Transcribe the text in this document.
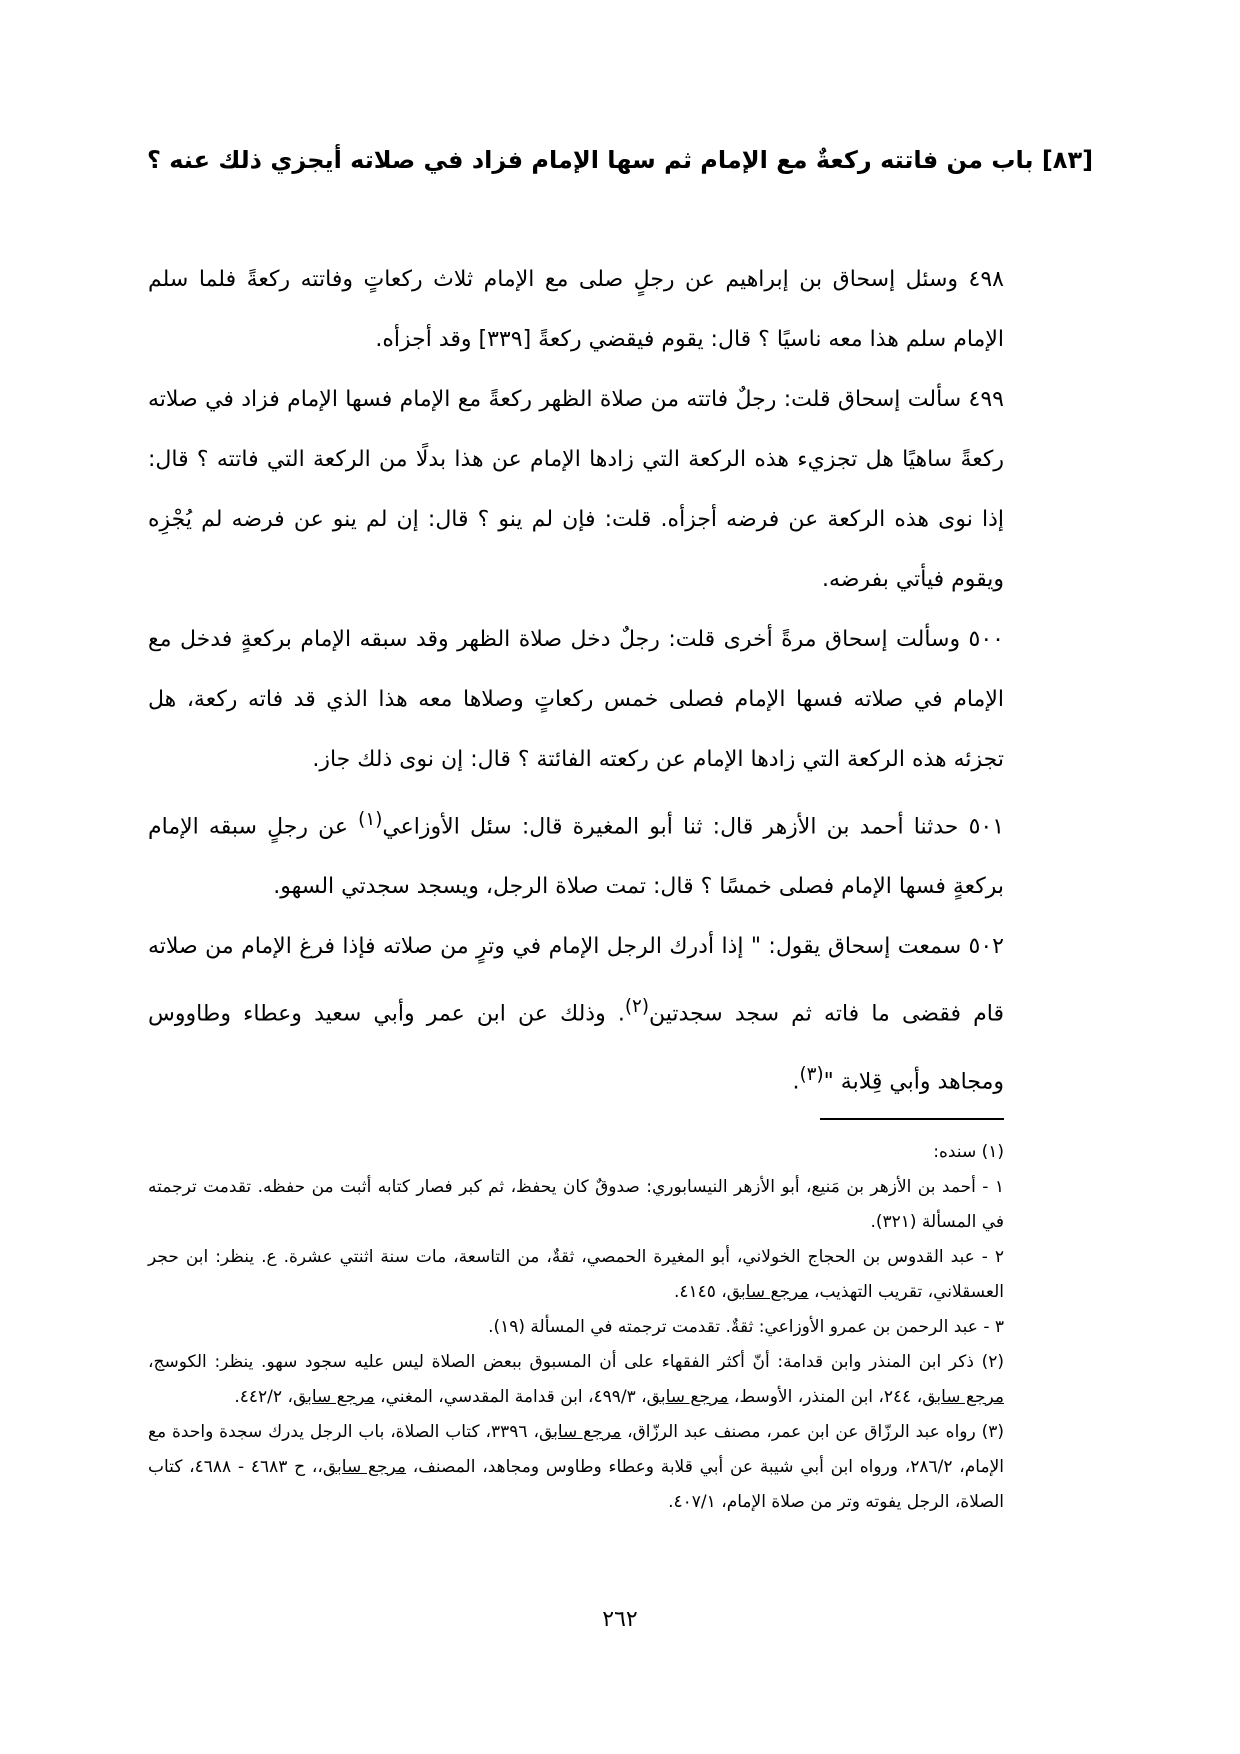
[٨٣] باب من فاتته ركعةٌ مع الإمام ثم سها الإمام فزاد في صلاته أيجزي ذلك عنه ؟

٤٩٨ وسئل إسحاق بن إبراهيم عن رجلٍ صلى مع الإمام ثلاث ركعاتٍ وفاتته ركعةً فلما سلم الإمام سلم هذا معه ناسيًا ؟ قال: يقوم فيقضي ركعةً [٣٣٩] وقد أجزأه.

٤٩٩ سألت إسحاق قلت: رجلٌ فاتته من صلاة الظهر ركعةً مع الإمام فسها الإمام فزاد في صلاته ركعةً ساهيًا هل تجزيء هذه الركعة التي زادها الإمام عن هذا بدلًا من الركعة التي فاتته ؟ قال: إذا نوى هذه الركعة عن فرضه أجزأه. قلت: فإن لم ينو ؟ قال: إن لم ينو عن فرضه لم يُجْزِه ويقوم فيأتي بفرضه.

٥٠٠ وسألت إسحاق مرةً أخرى قلت: رجلٌ دخل صلاة الظهر وقد سبقه الإمام بركعةٍ فدخل مع الإمام في صلاته فسها الإمام فصلى خمس ركعاتٍ وصلاها معه هذا الذي قد فاته ركعة، هل تجزئه هذه الركعة التي زادها الإمام عن ركعته الفائتة ؟ قال: إن نوى ذلك جاز.

٥٠١ حدثنا أحمد بن الأزهر قال: ثنا أبو المغيرة قال: سئل الأوزاعي$^{(١)}$ عن رجلٍ سبقه الإمام بركعةٍ فسها الإمام فصلى خمسًا ؟ قال: تمت صلاة الرجل، ويسجد سجدتي السهو.

٥٠٢ سمعت إسحاق يقول: " إذا أدرك الرجل الإمام في وترٍ من صلاته فإذا فرغ الإمام من صلاته قام فقضى ما فاته ثم سجد سجدتين$^{(٢)}$. وذلك عن ابن عمر وأبي سعيد وعطاء وطاووس ومجاهد وأبي قِلابة "$^{(٣)}$.

(١) سنده:

١ - أحمد بن الأزهر بن مَنيع، أبو الأزهر النيسابوري: صدوقٌ كان يحفظ، ثم كبر فصار كتابه أثبت من حفظه. تقدمت ترجمته في المسألة (٣٢١).

٢ - عبد القدوس بن الحجاج الخولاني، أبو المغيرة الحمصي، ثقةٌ، من التاسعة، مات سنة اثنتي عشرة. ع. ينظر: ابن حجر العسقلاني، تقريب التهذيب، مرجع سابق، ٤١٤٥.

٣ - عبد الرحمن بن عمرو الأوزاعي: ثقةٌ. تقدمت ترجمته في المسألة (١٩).

(٢) ذكر ابن المنذر وابن قدامة: أنّ أكثر الفقهاء على أن المسبوق ببعض الصلاة ليس عليه سجود سهو. ينظر: الكوسج، مرجع سابق، ٢٤٤، ابن المنذر، الأوسط، مرجع سابق، ٤٩٩/٣، ابن قدامة المقدسي، المغني، مرجع سابق، ٤٤٢/٢.

(٣) رواه عبد الرزّاق عن ابن عمر، مصنف عبد الرزّاق، مرجع سابق، ٣٣٩٦، كتاب الصلاة، باب الرجل يدرك سجدة واحدة مع الإمام، ٢٨٦/٢، ورواه ابن أبي شيبة عن أبي قلابة وعطاء وطاوس ومجاهد، المصنف، مرجع سابق،، ح ٤٦٨٣ - ٤٦٨٨، كتاب الصلاة، الرجل يفوته وتر من صلاة الإمام، ٤٠٧/١.

٢٦٢
